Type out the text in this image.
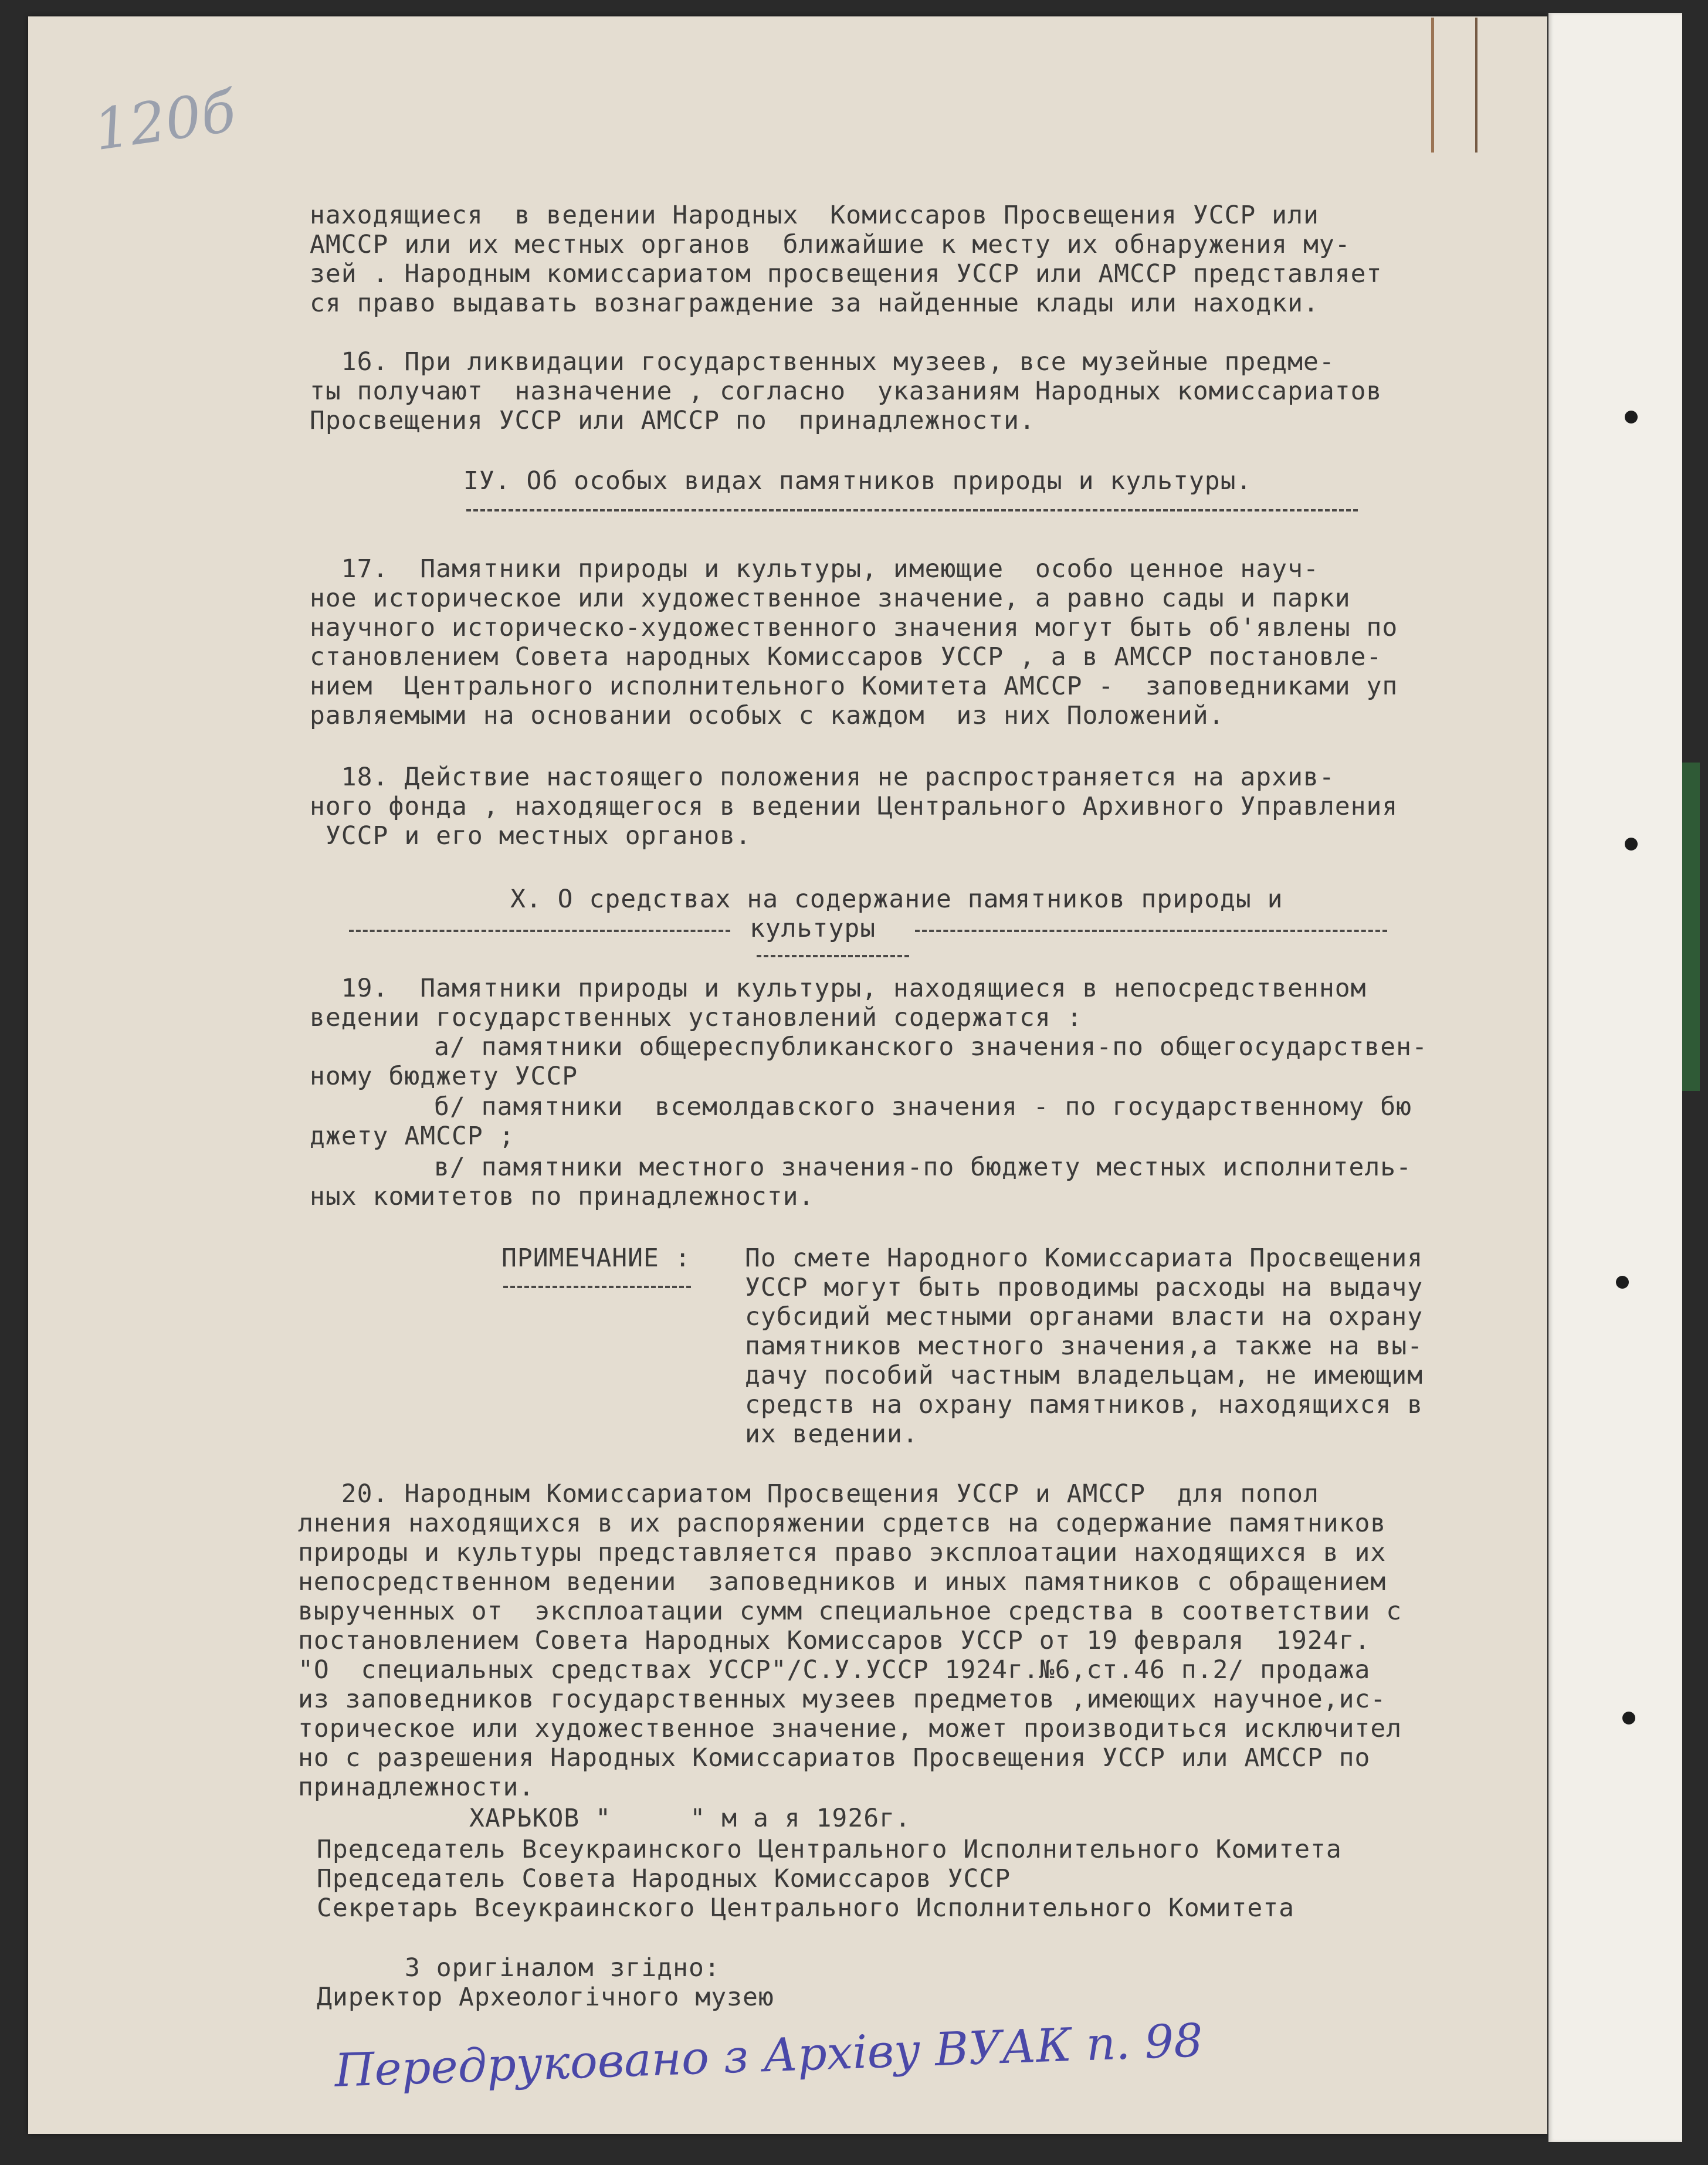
120б
находящиеся  в ведении Народных  Комиссаров Просвещения УССР или
АМССР или их местных органов  ближайшие к месту их обнаружения му-
зей . Народным комиссариатом просвещения УССР или АМССР представляет
ся право выдавать вознаграждение за найденные клады или находки.
16. При ликвидации государственных музеев, все музейные предме-
ты получают  назначение , согласно  указаниям Народных комиссариатов
Просвещения УССР или АМССР по  принадлежности.
IУ. Об особых видах памятников природы и культуры.
17.  Памятники природы и культуры, имеющие  особо ценное науч-
ное историческое или художественное значение, а равно сады и парки
научного историческо-художественного значения могут быть об'явлены по
становлением Совета народных Комиссаров УССР , а в АМССР постановле-
нием  Центрального исполнительного Комитета АМССР -  заповедниками уп
равляемыми на основании особых с каждом  из них Положений.
18. Действие настоящего положения не распространяется на архив-
ного фонда , находящегося в ведении Центрального Архивного Управления
УССР и его местных органов.
Х. О средствах на содержание памятников природы и
культуры
19.  Памятники природы и культуры, находящиеся в непосредственном
ведении государственных установлений содержатся :
а/ памятники общереспубликанского значения-по общегосударствен-
ному бюджету УССР
б/ памятники  всемолдавского значения - по государственному бю
джету АМССР ;
в/ памятники местного значения-по бюджету местных исполнитель-
ных комитетов по принадлежности.
ПРИМЕЧАНИЕ : По смете Народного Комиссариата Просвещения
УССР могут быть проводимы расходы на выдачу
субсидий местными органами власти на охрану
памятников местного значения,а также на вы-
дачу пособий частным владельцам, не имеющим
средств на охрану памятников, находящихся в
их ведении.
20. Народным Комиссариатом Просвещения УССР и АМССР  для попол
лнения находящихся в их распоряжении срдетсв на содержание памятников
природы и культуры представляется право эксплоатации находящихся в их
непосредственном ведении  заповедников и иных памятников с обращением
вырученных от  эксплоатации сумм специальное средства в соответствии с
постановлением Совета Народных Комиссаров УССР от 19 февраля  1924г.
"О  специальных средствах УССР"/С.У.УССР 1924г.№6,ст.46 п.2/ продажа
из заповедников государственных музеев предметов ,имеющих научное,ис-
торическое или художественное значение, может производиться исключител
но с разрешения Народных Комиссариатов Просвещения УССР или АМССР по
принадлежности.
ХАРЬКОВ "     " м а я 1926г.
Председатель Всеукраинского Центрального Исполнительного Комитета
Председатель Совета Народных Комиссаров УССР
Секретарь Всеукраинского Центрального Исполнительного Комитета
З оригіналом згідно:
Диpектор Археологічного музею
Передруковано з Архіву ВУАК п. 98
